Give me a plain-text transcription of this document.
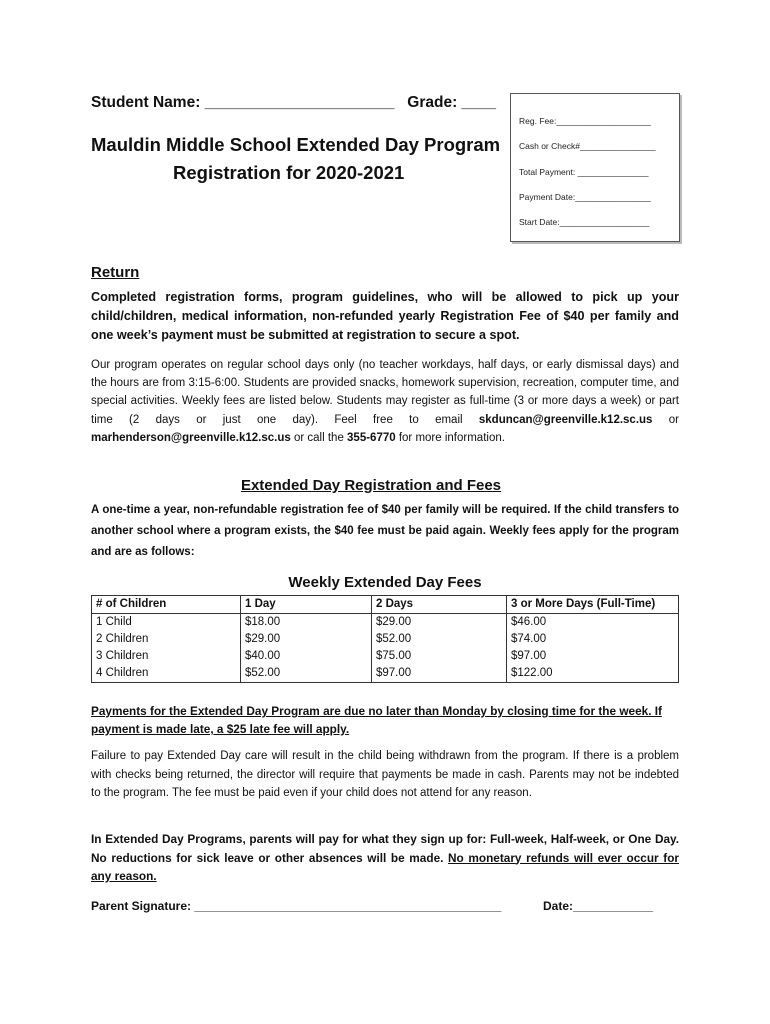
Student Name: ______________________ Grade: ____
Mauldin Middle School Extended Day Program
Registration for 2020-2021
Reg. Fee:____________________
Cash or Check#________________
Total Payment: _______________
Payment Date:________________
Start Date:___________________
Return
Completed registration forms, program guidelines, who will be allowed to pick up your child/children, medical information, non-refunded yearly Registration Fee of $40 per family and one week’s payment must be submitted at registration to secure a spot.
Our program operates on regular school days only (no teacher workdays, half days, or early dismissal days) and the hours are from 3:15-6:00. Students are provided snacks, homework supervision, recreation, computer time, and special activities. Weekly fees are listed below. Students may register as full-time (3 or more days a week) or part time (2 days or just one day). Feel free to email skduncan@greenville.k12.sc.us or marhenderson@greenville.k12.sc.us or call the 355-6770 for more information.
Extended Day Registration and Fees
A one-time a year, non-refundable registration fee of $40 per family will be required. If the child transfers to another school where a program exists, the $40 fee must be paid again. Weekly fees apply for the program and are as follows:
Weekly Extended Day Fees
# of Children	1 Day	2 Days	3 or More Days (Full-Time)
1 Child	$18.00	$29.00	$46.00
2 Children	$29.00	$52.00	$74.00
3 Children	$40.00	$75.00	$97.00
4 Children	$52.00	$97.00	$122.00
Payments for the Extended Day Program are due no later than Monday by closing time for the week. If payment is made late, a $25 late fee will apply.
Failure to pay Extended Day care will result in the child being withdrawn from the program. If there is a problem with checks being returned, the director will require that payments be made in cash. Parents may not be indebted to the program. The fee must be paid even if your child does not attend for any reason.
In Extended Day Programs, parents will pay for what they sign up for: Full-week, Half-week, or One Day. No reductions for sick leave or other absences will be made. No monetary refunds will ever occur for any reason.
Parent Signature: ______________________________________________	Date:____________
